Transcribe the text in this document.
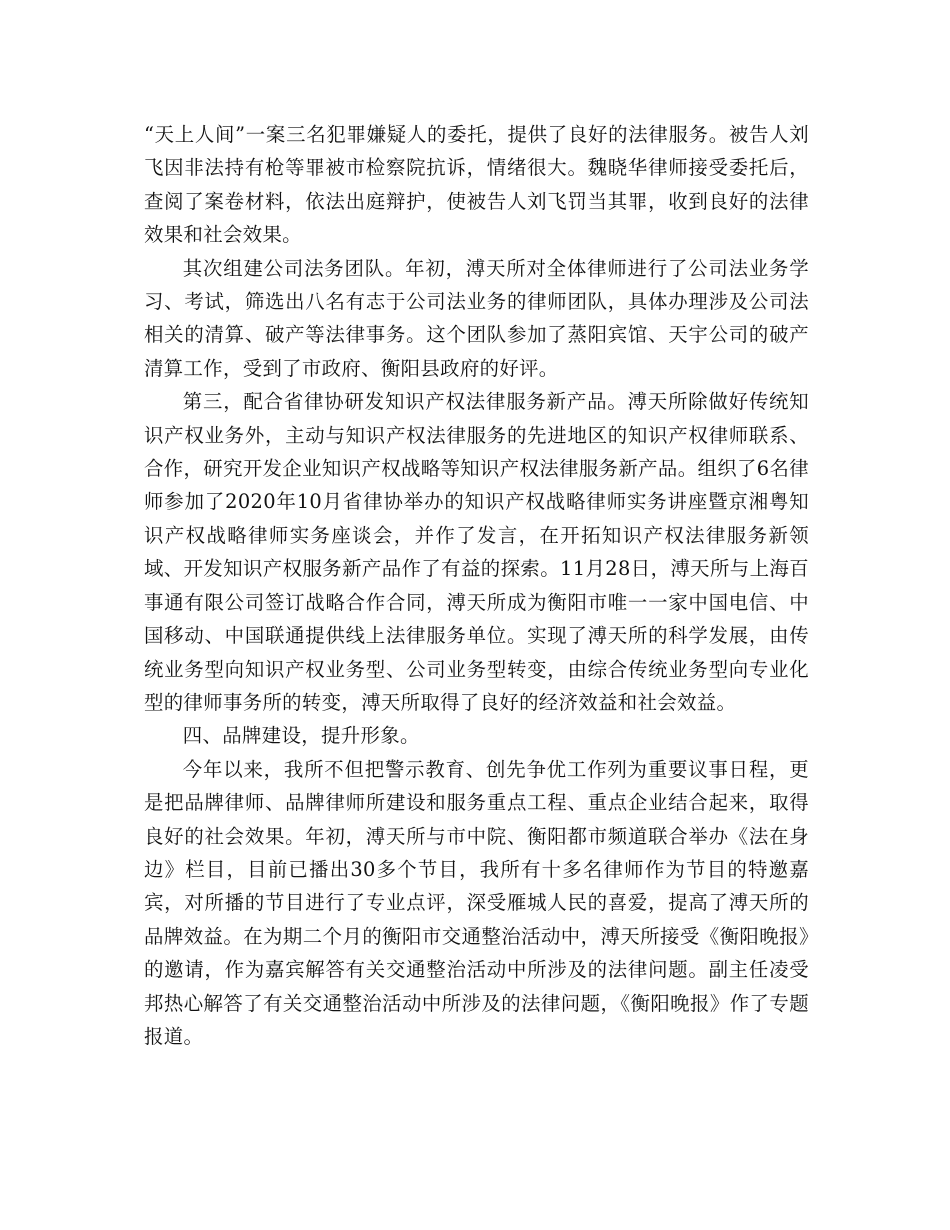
“天上人间”一案三名犯罪嫌疑人的委托，提供了良好的法律服务。被告人刘飞因非法持有枪等罪被市检察院抗诉，情绪很大。魏晓华律师接受委托后，查阅了案卷材料，依法出庭辩护，使被告人刘飞罚当其罪，收到良好的法律效果和社会效果。

其次组建公司法务团队。年初，溥天所对全体律师进行了公司法业务学习、考试，筛选出八名有志于公司法业务的律师团队，具体办理涉及公司法相关的清算、破产等法律事务。这个团队参加了蒸阳宾馆、天宇公司的破产清算工作，受到了市政府、衡阳县政府的好评。

第三，配合省律协研发知识产权法律服务新产品。溥天所除做好传统知识产权业务外，主动与知识产权法律服务的先进地区的知识产权律师联系、合作，研究开发企业知识产权战略等知识产权法律服务新产品。组织了6名律师参加了2020年10月省律协举办的知识产权战略律师实务讲座暨京湘粤知识产权战略律师实务座谈会，并作了发言，在开拓知识产权法律服务新领域、开发知识产权服务新产品作了有益的探索。11月28日，溥天所与上海百事通有限公司签订战略合作合同，溥天所成为衡阳市唯一一家中国电信、中国移动、中国联通提供线上法律服务单位。实现了溥天所的科学发展，由传统业务型向知识产权业务型、公司业务型转变，由综合传统业务型向专业化型的律师事务所的转变，溥天所取得了良好的经济效益和社会效益。

四、品牌建设，提升形象。

今年以来，我所不但把警示教育、创先争优工作列为重要议事日程，更是把品牌律师、品牌律师所建设和服务重点工程、重点企业结合起来，取得良好的社会效果。年初，溥天所与市中院、衡阳都市频道联合举办《法在身边》栏目，目前已播出30多个节目，我所有十多名律师作为节目的特邀嘉宾，对所播的节目进行了专业点评，深受雁城人民的喜爱，提高了溥天所的品牌效益。在为期二个月的衡阳市交通整治活动中，溥天所接受《衡阳晚报》的邀请，作为嘉宾解答有关交通整治活动中所涉及的法律问题。副主任凌受邦热心解答了有关交通整治活动中所涉及的法律问题，《衡阳晚报》作了专题报道。
